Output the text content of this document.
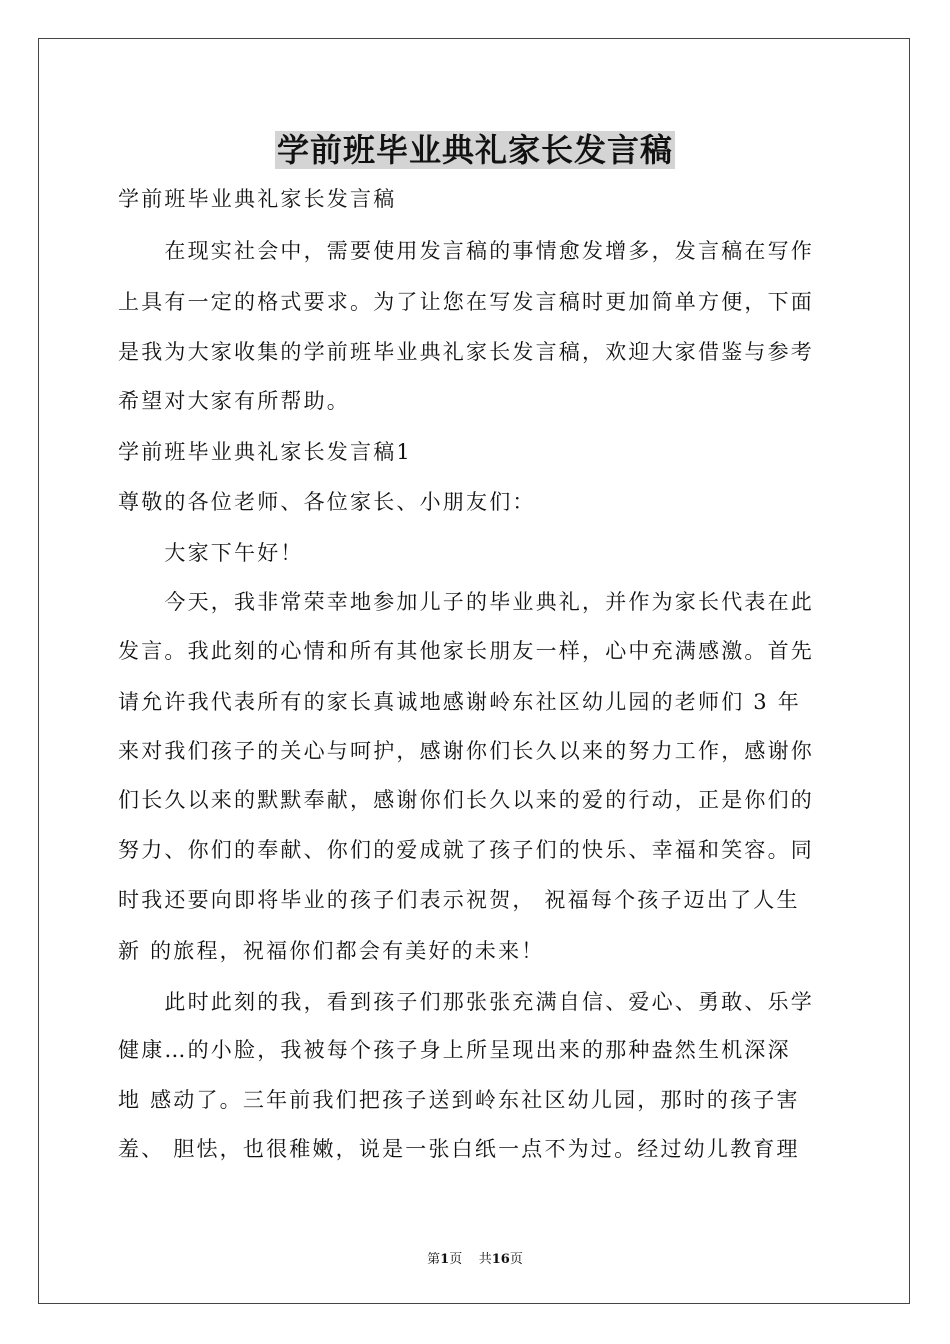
学前班毕业典礼家长发言稿
学前班毕业典礼家长发言稿
　　在现实社会中，需要使用发言稿的事情愈发增多，发言稿在写作
上具有一定的格式要求。为了让您在写发言稿时更加简单方便，下面
是我为大家收集的学前班毕业典礼家长发言稿，欢迎大家借鉴与参考
希望对大家有所帮助。
学前班毕业典礼家长发言稿1
尊敬的各位老师、各位家长、小朋友们：
　　大家下午好！
　　今天，我非常荣幸地参加儿子的毕业典礼，并作为家长代表在此
发言。我此刻的心情和所有其他家长朋友一样，心中充满感激。首先
请允许我代表所有的家长真诚地感谢岭东社区幼儿园的老师们 3 年
来对我们孩子的关心与呵护，感谢你们长久以来的努力工作，感谢你
们长久以来的默默奉献，感谢你们长久以来的爱的行动，正是你们的
努力、你们的奉献、你们的爱成就了孩子们的快乐、幸福和笑容。同
时我还要向即将毕业的孩子们表示祝贺， 祝福每个孩子迈出了人生
新 的旅程，祝福你们都会有美好的未来！
　　此时此刻的我，看到孩子们那张张充满自信、爱心、勇敢、乐学
健康…的小脸，我被每个孩子身上所呈现出来的那种盎然生机深深
地 感动了。三年前我们把孩子送到岭东社区幼儿园，那时的孩子害
羞、 胆怯，也很稚嫩，说是一张白纸一点不为过。经过幼儿教育理
第1页 共16页
